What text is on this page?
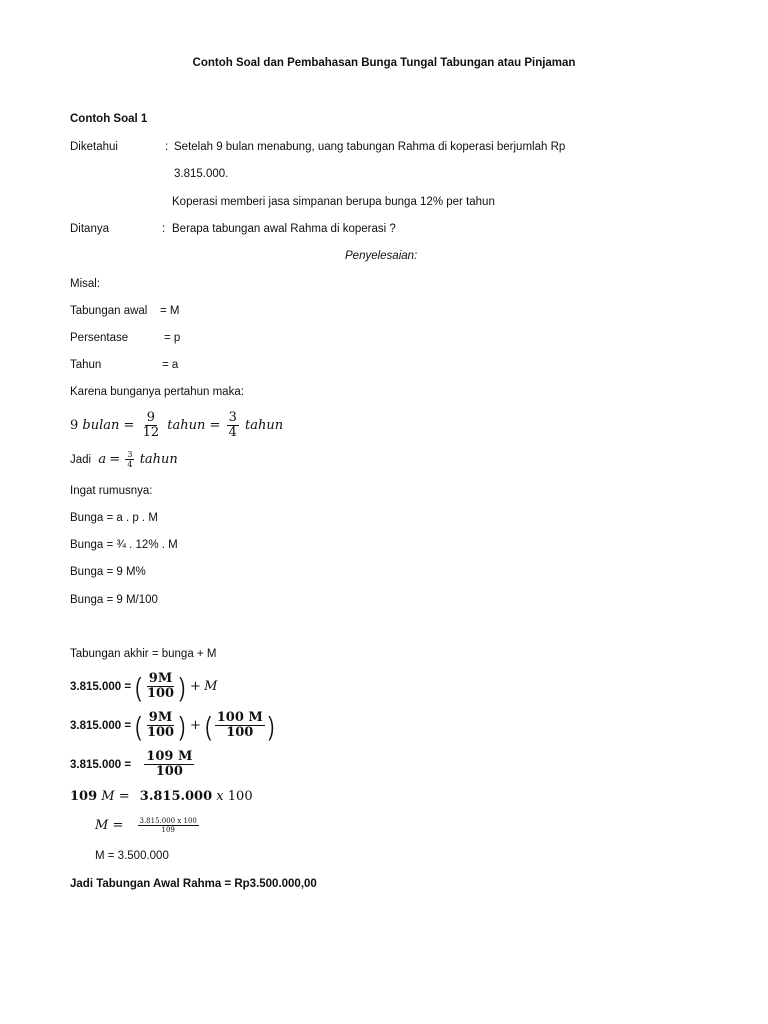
Contoh Soal dan Pembahasan Bunga Tungal Tabungan atau Pinjaman
Contoh Soal 1
Diketahui	: Setelah 9 bulan menabung, uang tabungan Rahma di koperasi berjumlah Rp
3.815.000.
Koperasi memberi jasa simpanan berupa bunga 12% per tahun
Ditanya	: Berapa tabungan awal Rahma di koperasi ?
Penyelesaian:
Misal:
Tabungan awal = M
Persentase	= p
Tahun	= a
Karena bunganya pertahun maka:
9 bulan = $\frac{9}{12}$ tahun = $\frac{3}{4}$ tahun
Jadi $a = \frac{3}{4}$ tahun
Ingat rumusnya:
Bunga = a . p . M
Bunga = ¾ . 12% . M
Bunga = 9 M%
Bunga = 9 M/100
Tabungan akhir = bunga + M
3.815.000 = ( $\frac{9M}{100}$ ) + M
3.815.000 = ( $\frac{9M}{100}$ ) + ( $\frac{100 M}{100}$ )
$3.815.000 = \frac{109 M}{100}$
109 M = 3.815.000 x 100
$M = \frac{3.815.000 x 100}{109}$
M = 3.500.000
Jadi Tabungan Awal Rahma = Rp3.500.000,00
